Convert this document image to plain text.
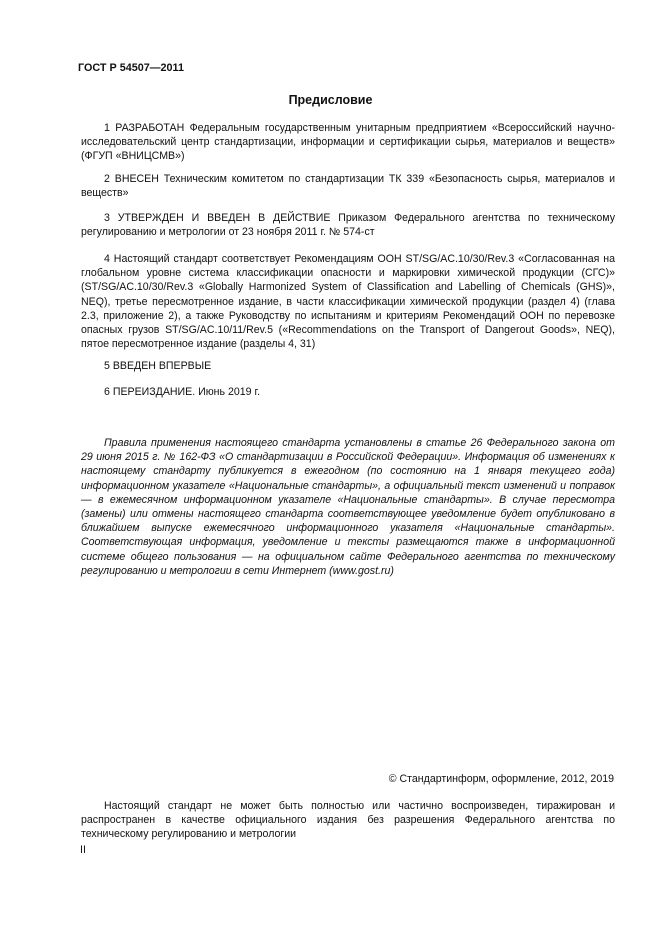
ГОСТ Р 54507—2011
Предисловие

1 РАЗРАБОТАН Федеральным государственным унитарным предприятием «Всероссийский научно-исследовательский центр стандартизации, информации и сертификации сырья, материалов и веществ» (ФГУП «ВНИЦСМВ»)

2 ВНЕСЕН Техническим комитетом по стандартизации ТК 339 «Безопасность сырья, материалов и веществ»

3 УТВЕРЖДЕН И ВВЕДЕН В ДЕЙСТВИЕ Приказом Федерального агентства по техническому регулированию и метрологии от 23 ноября 2011 г. № 574-ст

4 Настоящий стандарт соответствует Рекомендациям ООН ST/SG/AC.10/30/Rev.3 «Согласованная на глобальном уровне система классификации опасности и маркировки химической продукции (СГС)» (ST/SG/AC.10/30/Rev.3 «Globally Harmonized System of Classification and Labelling of Chemicals (GHS)», NEQ), третье пересмотренное издание, в части классификации химической продукции (раздел 4) (глава 2.3, приложение 2), а также Руководству по испытаниям и критериям Рекомендаций ООН по перевозке опасных грузов ST/SG/AC.10/11/Rev.5 («Recommendations on the Transport of Dangerout Goods», NEQ), пятое пересмотренное издание (разделы 4, 31)

5 ВВЕДЕН ВПЕРВЫЕ

6 ПЕРЕИЗДАНИЕ. Июнь 2019 г.

Правила применения настоящего стандарта установлены в статье 26 Федерального закона от 29 июня 2015 г. № 162-ФЗ «О стандартизации в Российской Федерации». Информация об изменениях к настоящему стандарту публикуется в ежегодном (по состоянию на 1 января текущего года) информационном указателе «Национальные стандарты», а официальный текст изменений и поправок — в ежемесячном информационном указателе «Национальные стандарты». В случае пересмотра (замены) или отмены настоящего стандарта соответствующее уведомление будет опубликовано в ближайшем выпуске ежемесячного информационного указателя «Национальные стандарты». Соответствующая информация, уведомление и тексты размещаются также в информационной системе общего пользования — на официальном сайте Федерального агентства по техническому регулированию и метрологии в сети Интернет (www.gost.ru)

© Стандартинформ, оформление, 2012, 2019

Настоящий стандарт не может быть полностью или частично воспроизведен, тиражирован и распространен в качестве официального издания без разрешения Федерального агентства по техническому регулированию и метрологии

II
